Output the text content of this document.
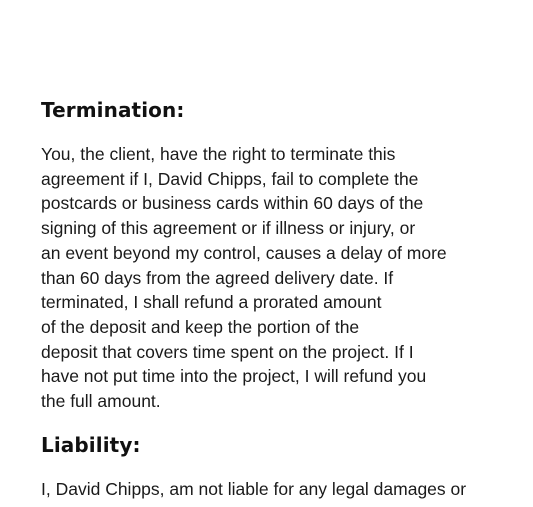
Termination:

You, the client, have the right to terminate this
agreement if I, David Chipps, fail to complete the
postcards or business cards within 60 days of the
signing of this agreement or if illness or injury, or
an event beyond my control, causes a delay of more
than 60 days from the agreed delivery date. If
terminated, I shall refund a prorated amount
of the deposit and keep the portion of the
deposit that covers time spent on the project. If I
have not put time into the project, I will refund you
the full amount.

Liability:

I, David Chipps, am not liable for any legal damages or
